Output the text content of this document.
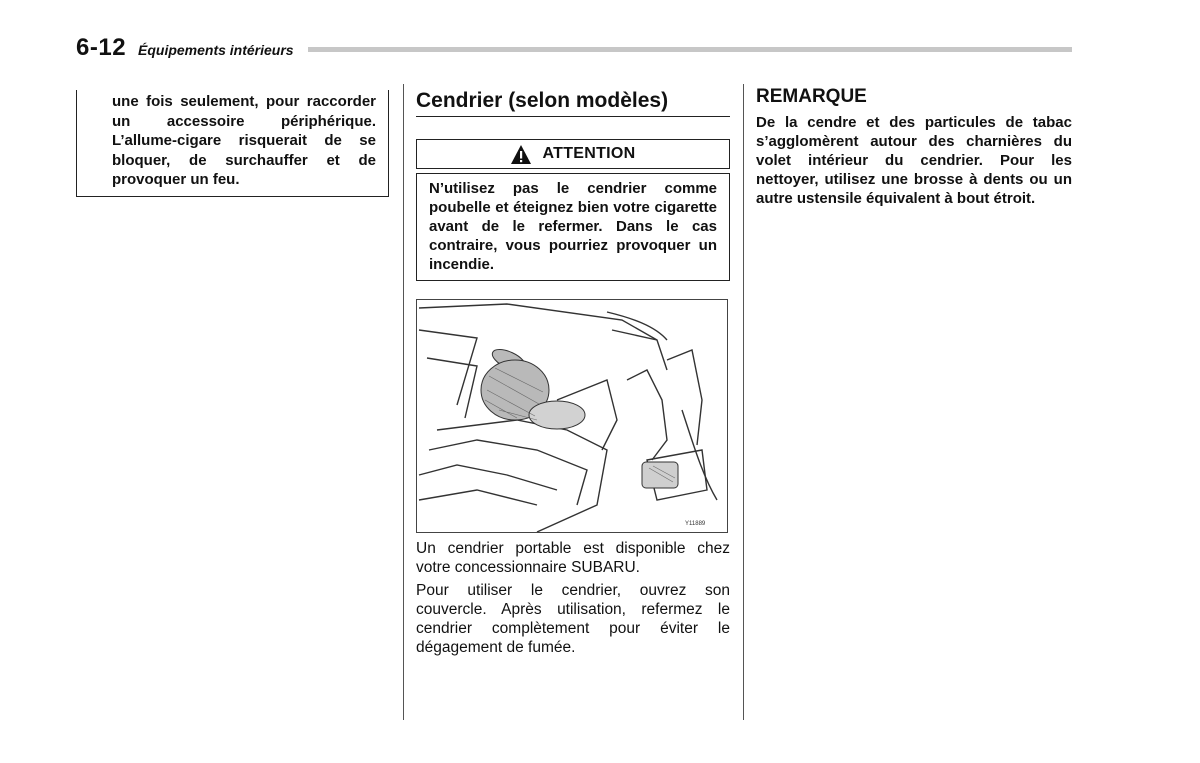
6-12 Équipements intérieurs
une fois seulement, pour raccorder un accessoire périphérique. L’allume-cigare risquerait de se bloquer, de surchauffer et de provoquer un feu.
Cendrier (selon modèles)
ATTENTION
N’utilisez pas le cendrier comme poubelle et éteignez bien votre cigarette avant de le refermer. Dans le cas contraire, vous pourriez provoquer un incendie.
Y11889

Un cendrier portable est disponible chez votre concessionnaire SUBARU.

Pour utiliser le cendrier, ouvrez son couvercle. Après utilisation, refermez le cendrier complètement pour éviter le dégagement de fumée.

REMARQUE
De la cendre et des particules de tabac s’agglomèrent autour des charnières du volet intérieur du cendrier. Pour les nettoyer, utilisez une brosse à dents ou un autre ustensile équivalent à bout étroit.
